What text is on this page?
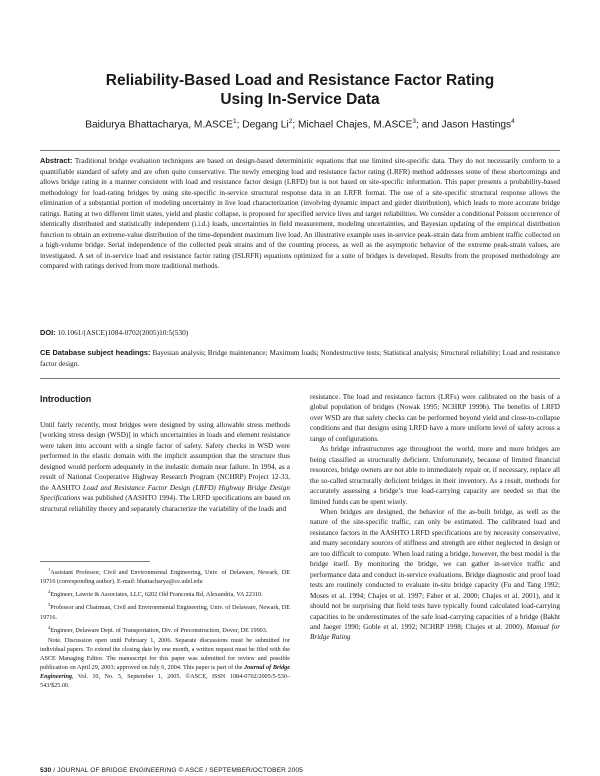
Reliability-Based Load and Resistance Factor Rating
Using In-Service Data
Baidurya Bhattacharya, M.ASCE$^1$; Degang Li$^2$; Michael Chajes, M.ASCE$^3$; and Jason Hastings$^4$
Abstract: Traditional bridge evaluation techniques are based on design-based deterministic equations that use limited site-specific data. They do not necessarily conform to a quantifiable standard of safety and are often quite conservative. The newly emerging load and resistance factor rating (LRFR) method addresses some of these shortcomings and allows bridge rating in a manner consistent with load and resistance factor design (LRFD) but is not based on site-specific information. This paper presents a probability-based methodology for load-rating bridges by using site-specific in-service structural response data in an LRFR format. The use of a site-specific structural response allows the elimination of a substantial portion of modeling uncertainty in live load characterization (involving dynamic impact and girder distribution), which leads to more accurate bridge ratings. Rating at two different limit states, yield and plastic collapse, is proposed for specified service lives and target reliabilities. We consider a conditional Poisson occurrence of identically distributed and statistically independent (i.i.d.) loads, uncertainties in field measurement, modeling uncertainties, and Bayesian updating of the empirical distribution function to obtain an extreme-value distribution of the time-dependent maximum live load. An illustrative example uses in-service peak-strain data from ambient traffic collected on a high-volume bridge. Serial independence of the collected peak strains and of the counting process, as well as the asymptotic behavior of the extreme peak-strain values, are investigated. A set of in-service load and resistance factor rating (ISLRFR) equations optimized for a suite of bridges is developed. Results from the proposed methodology are compared with ratings derived from more traditional methods.
DOI: 10.1061/(ASCE)1084-0702(2005)10:5(530)
CE Database subject headings: Bayesian analysis; Bridge maintenance; Maximum loads; Nondestructive tests; Statistical analysis; Structural reliability; Load and resistance factor design.
Introduction

Until fairly recently, most bridges were designed by using allowable stress methods [working stress design (WSD)] in which uncertainties in loads and element resistance were taken into account with a single factor of safety. Safety checks in WSD were performed in the elastic domain with the implicit assumption that the structure thus designed would perform adequately in the inelastic domain near failure. In 1994, as a result of National Cooperative Highway Research Program (NCHRP) Project 12-33, the AASHTO Load and Resistance Factor Design (LRFD) Highway Bridge Design Specifications was published (AASHTO 1994). The LRFD specifications are based on structural reliability theory and separately characterize the variability of the loads and

$^1$Assistant Professor, Civil and Environmental Engineering, Univ. of Delaware, Newark, DE 19716 (corresponding author). E-mail: bhattacharya@ce.udel.edu

$^2$Engineer, Lawrie & Associates, LLC, 6202 Old Franconia Rd, Alexandria, VA 22310.

$^3$Professor and Chairman, Civil and Environmental Engineering, Univ. of Delaware, Newark, DE 19716.

$^4$Engineer, Delaware Dept. of Transportation, Div. of Preconstruction, Dover, DE 19903.

Note. Discussion open until February 1, 2006. Separate discussions must be submitted for individual papers. To extend the closing date by one month, a written request must be filed with the ASCE Managing Editor. The manuscript for this paper was submitted for review and possible publication on April 29, 2003; approved on July 6, 2004. This paper is part of the Journal of Bridge Engineering, Vol. 10, No. 5, September 1, 2005. ©ASCE, ISSN 1084-0702/2005/5-530–543/$25.00.

resistance. The load and resistance factors (LRFs) were calibrated on the basis of a global population of bridges (Nowak 1995; NCHRP 1999b). The benefits of LRFD over WSD are that safety checks can be performed beyond yield and close-to-collapse conditions and that designs using LRFD have a more uniform level of safety across a range of configurations.

As bridge infrastructures age throughout the world, more and more bridges are being classified as structurally deficient. Unfortunately, because of limited financial resources, bridge owners are not able to immediately repair or, if necessary, replace all the so-called structurally deficient bridges in their inventory. As a result, methods for accurately assessing a bridge’s true load-carrying capacity are needed so that the limited funds can be spent wisely.

When bridges are designed, the behavior of the as-built bridge, as well as the nature of the site-specific traffic, can only be estimated. The calibrated load and resistance factors in the AASHTO LRFD specifications are by necessity conservative, and many secondary sources of stiffness and strength are either neglected in design or are too difficult to compute. When load rating a bridge, however, the best model is the bridge itself. By monitoring the bridge, we can gather in-service traffic and performance data and conduct in-service evaluations. Bridge diagnostic and proof load tests are routinely conducted to evaluate in-situ bridge capacity (Fu and Tang 1992; Moses et al. 1994; Chajes et al. 1997; Faber et al. 2000; Chajes et al. 2001), and it should not be surprising that field tests have typically found calculated load-carrying capacities to be underestimates of the safe load-carrying capacities of a bridge (Bakht and Jaeger 1990; Goble et al. 1992; NCHRP 1998; Chajes et al. 2000). Manual for Bridge Rating

530 / JOURNAL OF BRIDGE ENGINEERING © ASCE / SEPTEMBER/OCTOBER 2005
